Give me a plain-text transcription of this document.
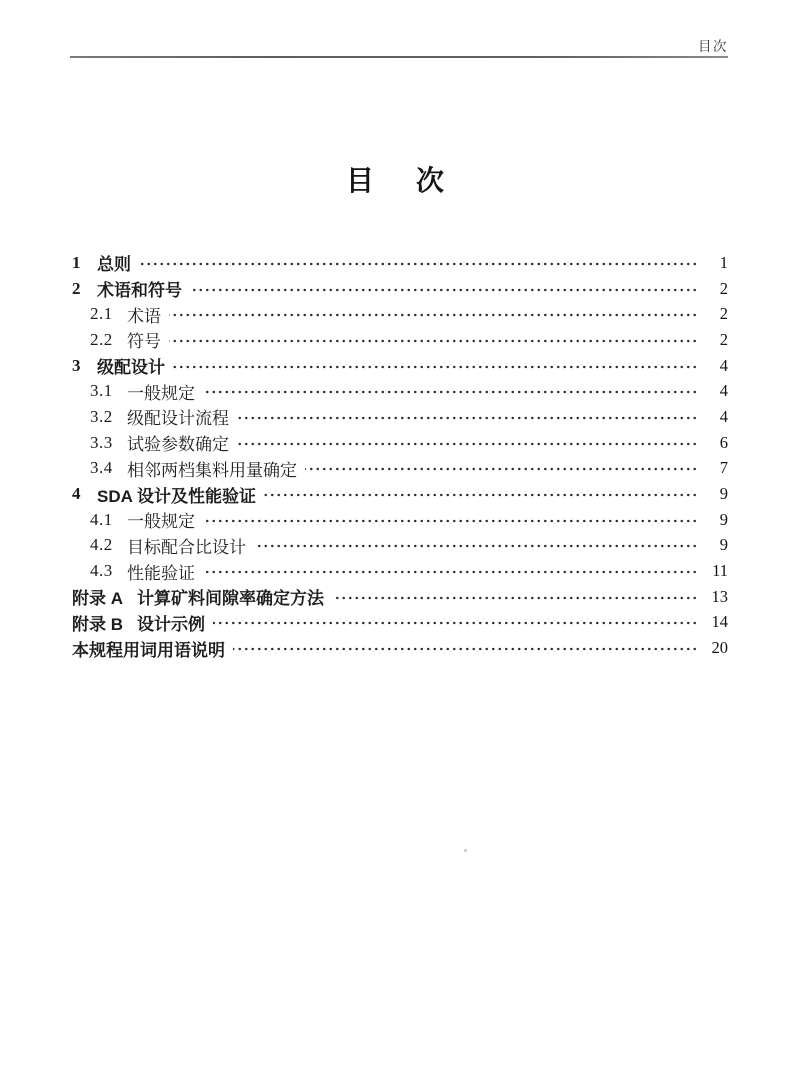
目次
目 次
1 总则	1
2 术语和符号	2
2.1 术语	2
2.2 符号	2
3 级配设计	4
3.1 一般规定	4
3.2 级配设计流程	4
3.3 试验参数确定	6
3.4 相邻两档集料用量确定	7
4 SDA 设计及性能验证	9
4.1 一般规定	9
4.2 目标配合比设计	9
4.3 性能验证	11
附录 A 计算矿料间隙率确定方法	13
附录 B 设计示例	14
本规程用词用语说明	20
